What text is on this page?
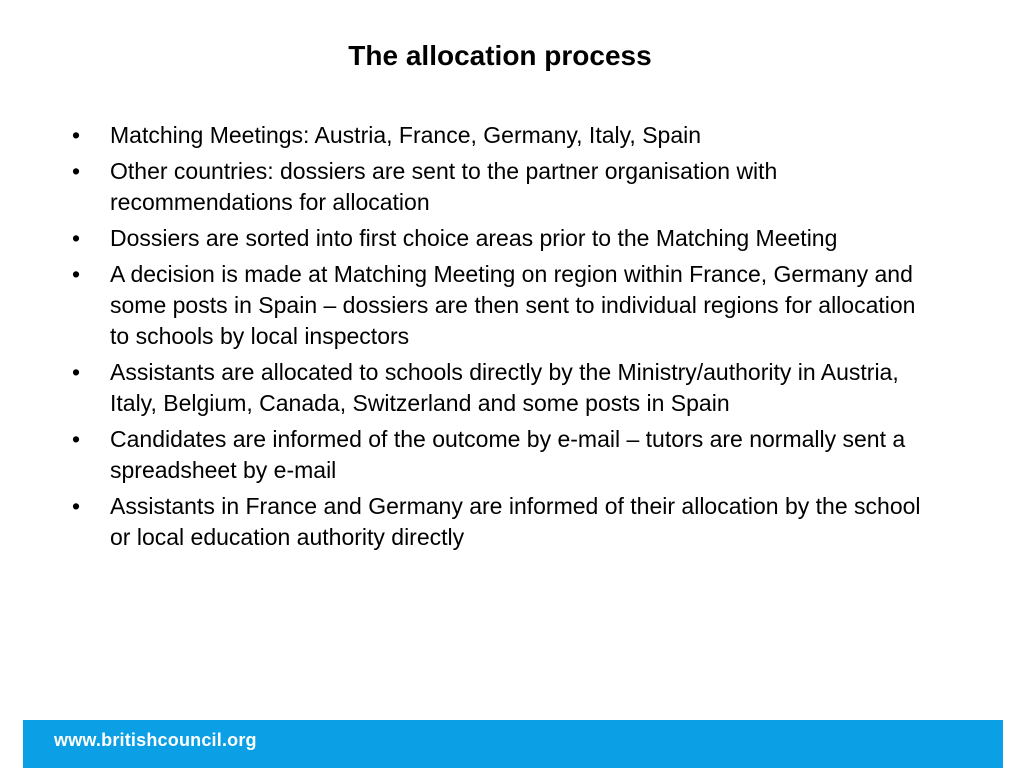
The allocation process
• Matching Meetings: Austria, France, Germany, Italy, Spain
• Other countries: dossiers are sent to the partner organisation with recommendations for allocation
• Dossiers are sorted into first choice areas prior to the Matching Meeting
• A decision is made at Matching Meeting on region within France, Germany and some posts in Spain – dossiers are then sent to individual regions for allocation to schools by local inspectors
• Assistants are allocated to schools directly by the Ministry/authority in Austria, Italy, Belgium, Canada, Switzerland and some posts in Spain
• Candidates are informed of the outcome by e-mail – tutors are normally sent a spreadsheet by e-mail
• Assistants in France and Germany are informed of their allocation by the school or local education authority directly
www.britishcouncil.org
